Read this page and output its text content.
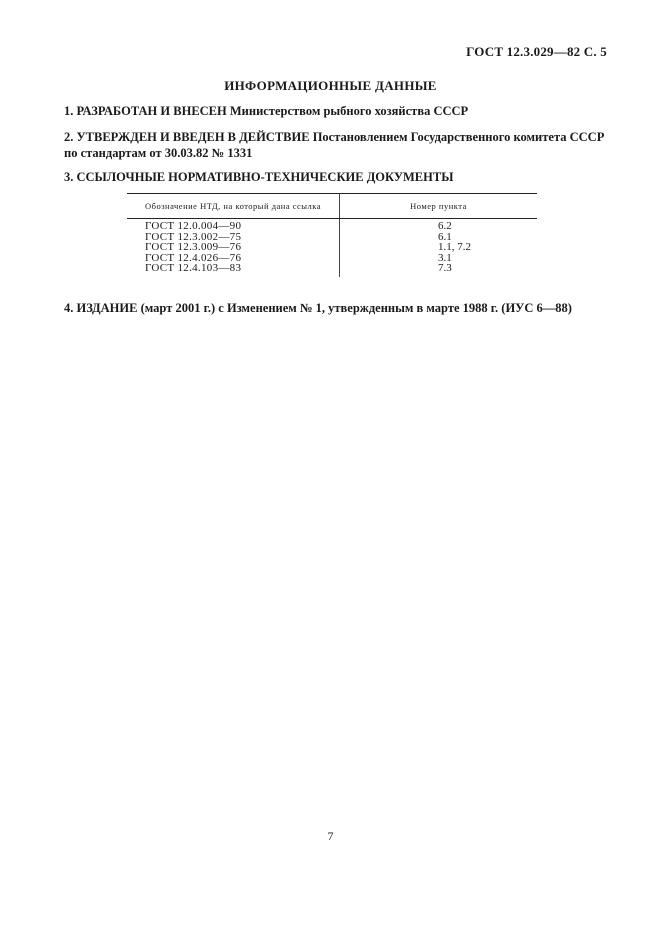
ГОСТ 12.3.029—82 С. 5
ИНФОРМАЦИОННЫЕ ДАННЫЕ
1. РАЗРАБОТАН И ВНЕСЕН Министерством рыбного хозяйства СССР
2. УТВЕРЖДЕН И ВВЕДЕН В ДЕЙСТВИЕ Постановлением Государственного комитета СССР по стандартам от 30.03.82 № 1331
3. ССЫЛОЧНЫЕ НОРМАТИВНО-ТЕХНИЧЕСКИЕ ДОКУМЕНТЫ
Обозначение НТД, на который дана ссылка	Номер пункта
ГОСТ 12.0.004—90	6.2
ГОСТ 12.3.002—75	6.1
ГОСТ 12.3.009—76	1.1, 7.2
ГОСТ 12.4.026—76	3.1
ГОСТ 12.4.103—83	7.3
4. ИЗДАНИЕ (март 2001 г.) с Изменением № 1, утвержденным в марте 1988 г. (ИУС 6—88)
7
